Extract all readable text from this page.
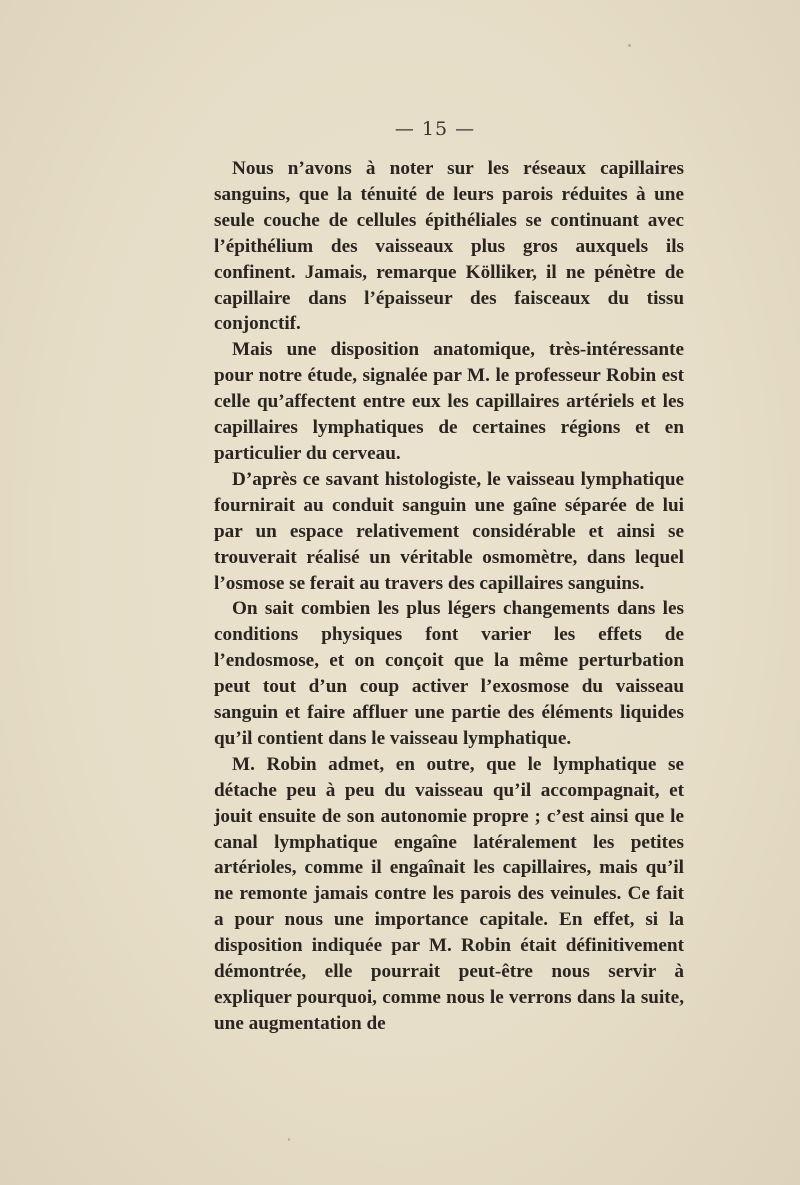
— 15 —

Nous n’avons à noter sur les réseaux capillaires sanguins, que la ténuité de leurs parois réduites à une seule couche de cellules épithéliales se continuant avec l’épithélium des vaisseaux plus gros auxquels ils confinent. Jamais, remarque Kölliker, il ne pénètre de capillaire dans l’épaisseur des faisceaux du tissu conjonctif.

Mais une disposition anatomique, très-intéressante pour notre étude, signalée par M. le professeur Robin est celle qu’affectent entre eux les capillaires artériels et les capillaires lymphatiques de certaines régions et en particulier du cerveau.

D’après ce savant histologiste, le vaisseau lymphatique fournirait au conduit sanguin une gaîne séparée de lui par un espace relativement considérable et ainsi se trouverait réalisé un véritable osmomètre, dans lequel l’osmose se ferait au travers des capillaires sanguins.

On sait combien les plus légers changements dans les conditions physiques font varier les effets de l’endosmose, et on conçoit que la même perturbation peut tout d’un coup activer l’exosmose du vaisseau sanguin et faire affluer une partie des éléments liquides qu’il contient dans le vaisseau lymphatique.

M. Robin admet, en outre, que le lymphatique se détache peu à peu du vaisseau qu’il accompagnait, et jouit ensuite de son autonomie propre ; c’est ainsi que le canal lymphatique engaîne latéralement les petites artérioles, comme il engaînait les capillaires, mais qu’il ne remonte jamais contre les parois des veinules. Ce fait a pour nous une importance capitale. En effet, si la disposition indiquée par M. Robin était définitivement démontrée, elle pourrait peut-être nous servir à expliquer pourquoi, comme nous le verrons dans la suite, une augmentation de
